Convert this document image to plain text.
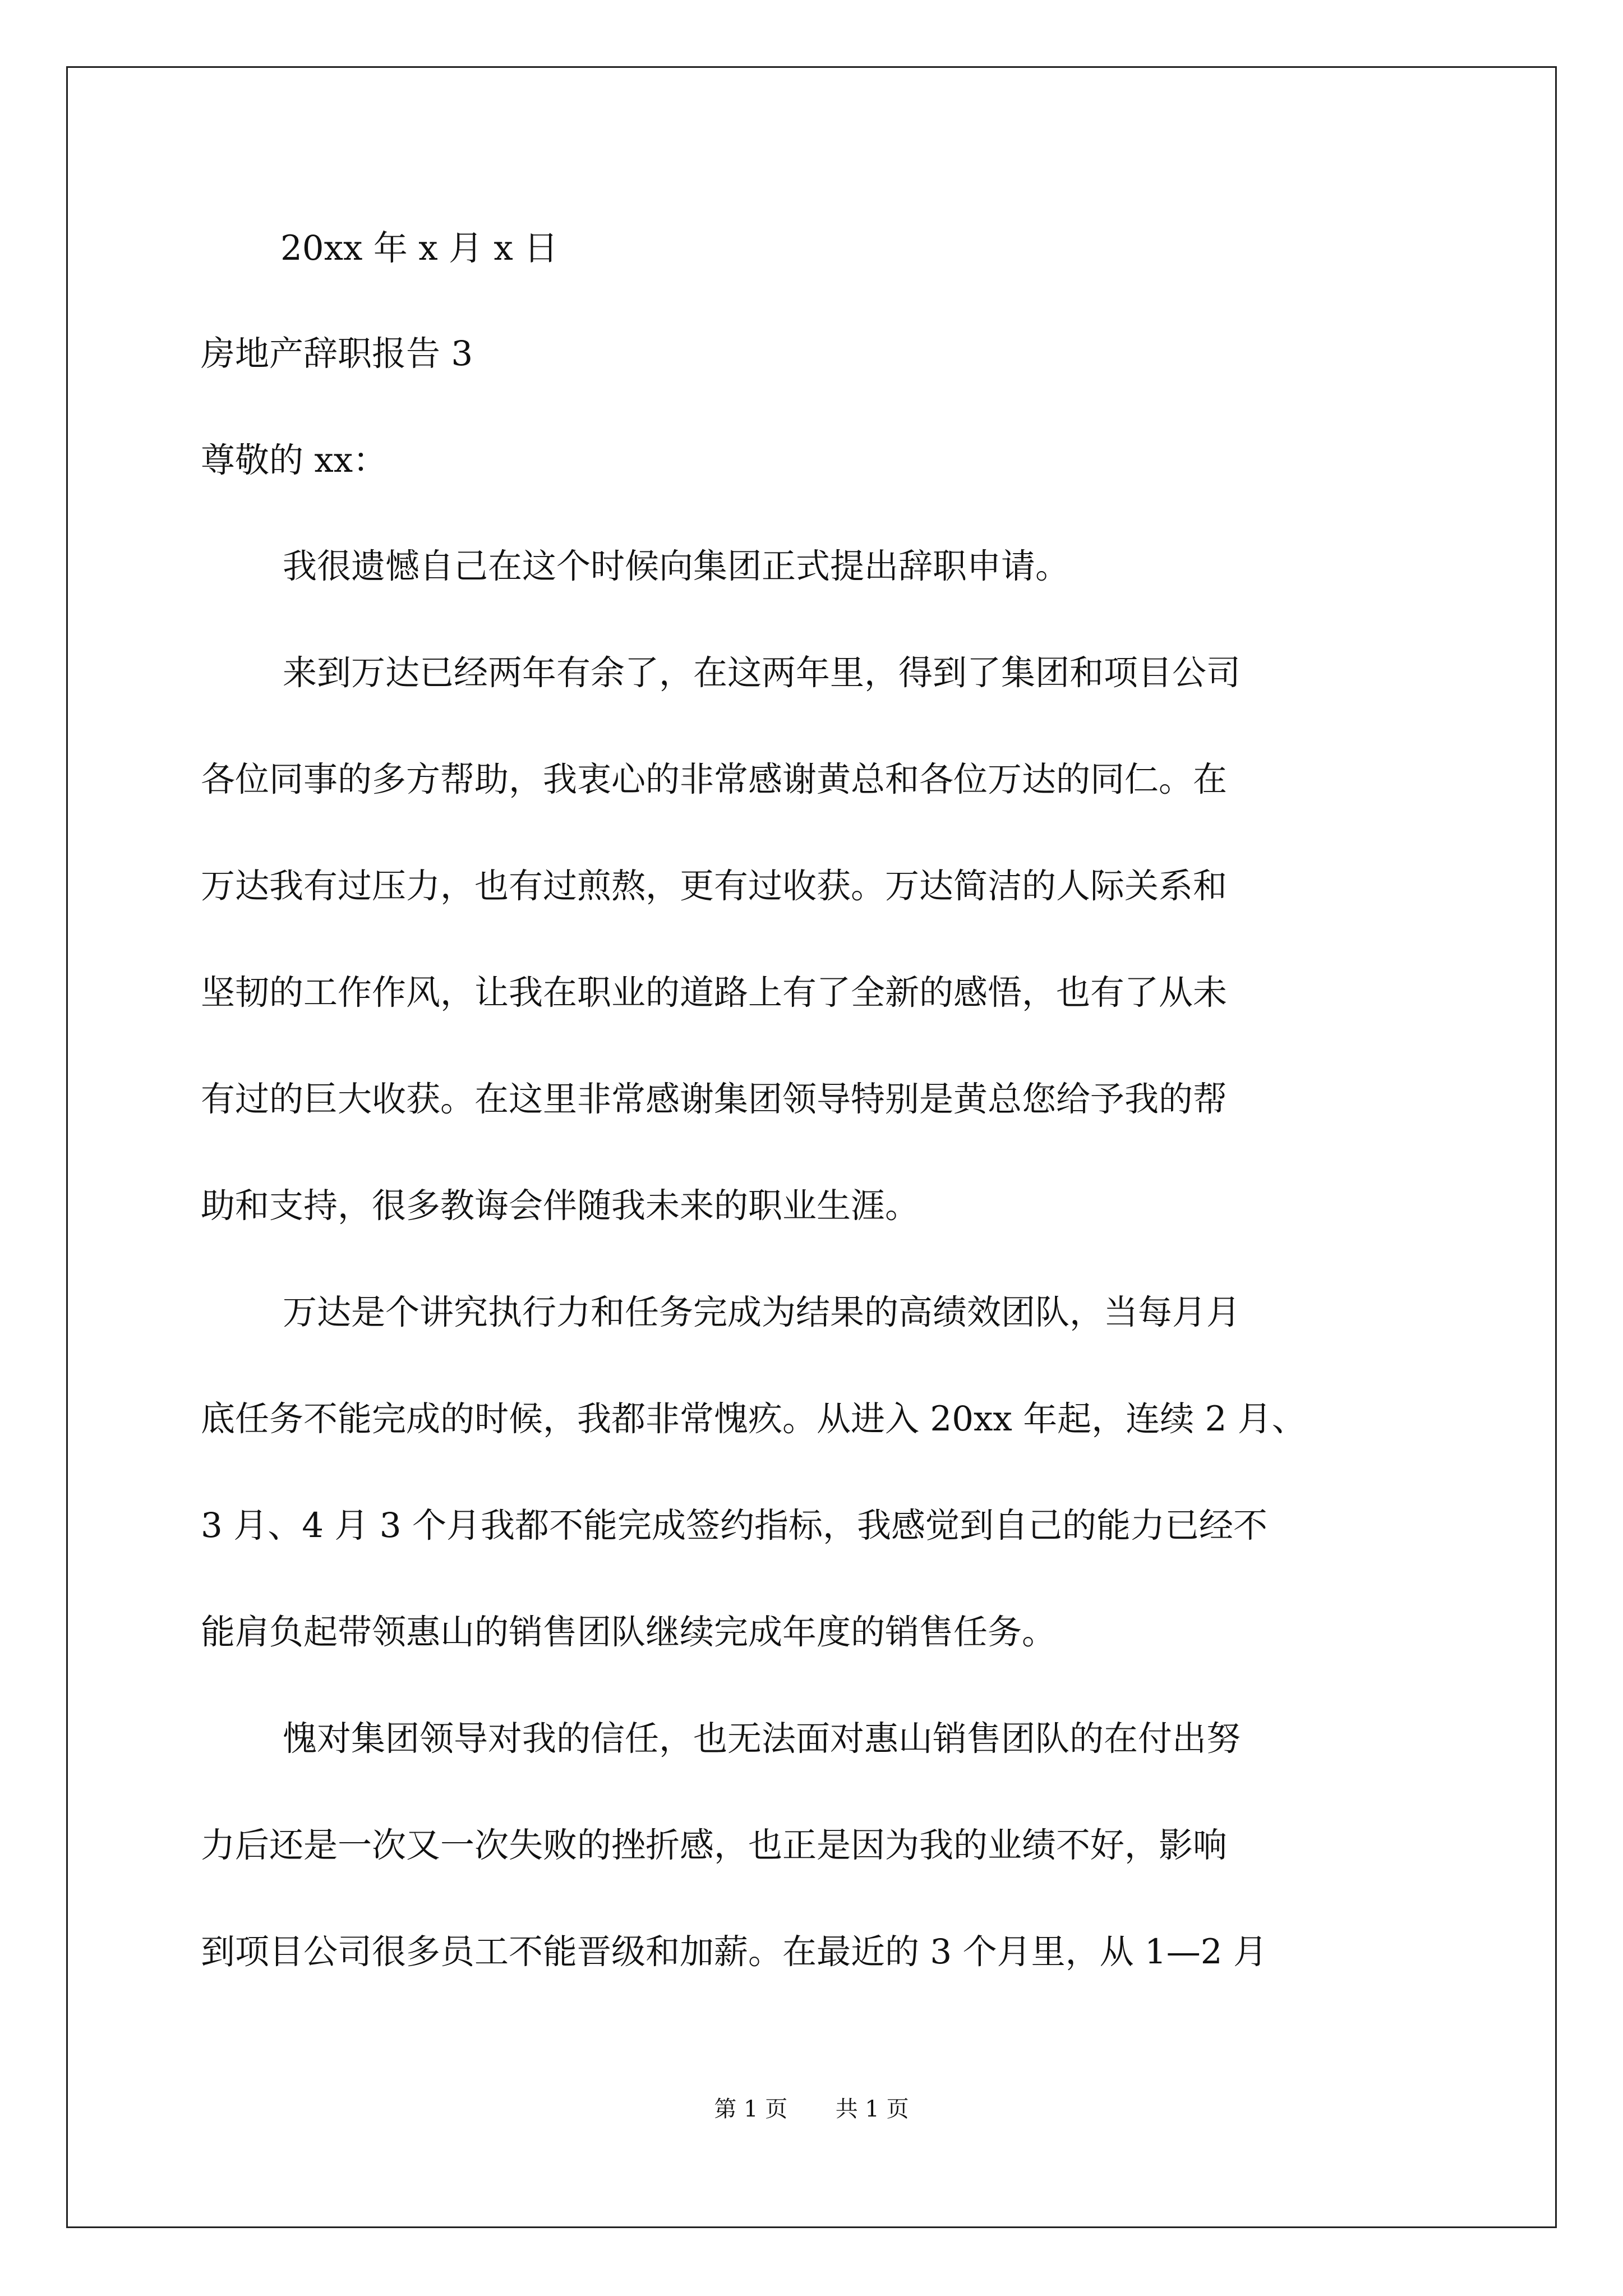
20xx 年 x 月 x 日
房地产辞职报告 3
尊敬的 xx：
我很遗憾自己在这个时候向集团正式提出辞职申请。
来到万达已经两年有余了，在这两年里，得到了集团和项目公司
各位同事的多方帮助，我衷心的非常感谢黄总和各位万达的同仁。在
万达我有过压力，也有过煎熬，更有过收获。万达简洁的人际关系和
坚韧的工作作风，让我在职业的道路上有了全新的感悟，也有了从未
有过的巨大收获。在这里非常感谢集团领导特别是黄总您给予我的帮
助和支持，很多教诲会伴随我未来的职业生涯。
万达是个讲究执行力和任务完成为结果的高绩效团队，当每月月
底任务不能完成的时候，我都非常愧疚。从进入 20xx 年起，连续 2 月、
3 月、4 月 3 个月我都不能完成签约指标，我感觉到自己的能力已经不
能肩负起带领惠山的销售团队继续完成年度的销售任务。
愧对集团领导对我的信任，也无法面对惠山销售团队的在付出努
力后还是一次又一次失败的挫折感，也正是因为我的业绩不好，影响
到项目公司很多员工不能晋级和加薪。在最近的 3 个月里，从 1—2 月
第 1 页 共 1 页
